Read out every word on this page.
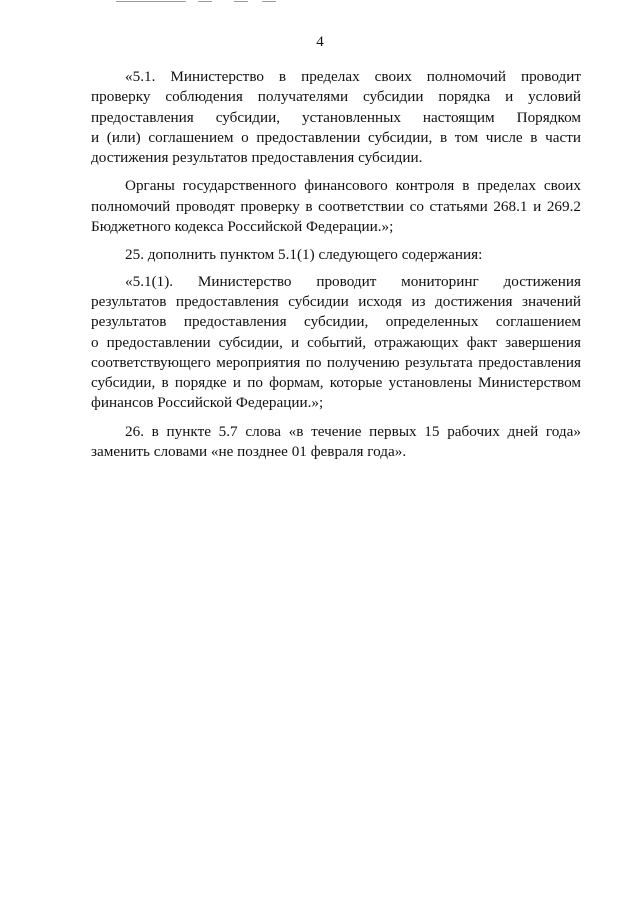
4

«5.1. Министерство в пределах своих полномочий проводит
проверку соблюдения получателями субсидии порядка и условий
предоставления субсидии, установленных настоящим Порядком
и (или) соглашением о предоставлении субсидии, в том числе в части
достижения результатов предоставления субсидии.

Органы государственного финансового контроля в пределах своих
полномочий проводят проверку в соответствии со статьями 268.1 и 269.2
Бюджетного кодекса Российской Федерации.»;

25. дополнить пунктом 5.1(1) следующего содержания:

«5.1(1). Министерство проводит мониторинг достижения
результатов предоставления субсидии исходя из достижения значений
результатов предоставления субсидии, определенных соглашением
о предоставлении субсидии, и событий, отражающих факт завершения
соответствующего мероприятия по получению результата предоставления
субсидии, в порядке и по формам, которые установлены Министерством
финансов Российской Федерации.»;

26. в пункте 5.7 слова «в течение первых 15 рабочих дней года»
заменить словами «не позднее 01 февраля года».
